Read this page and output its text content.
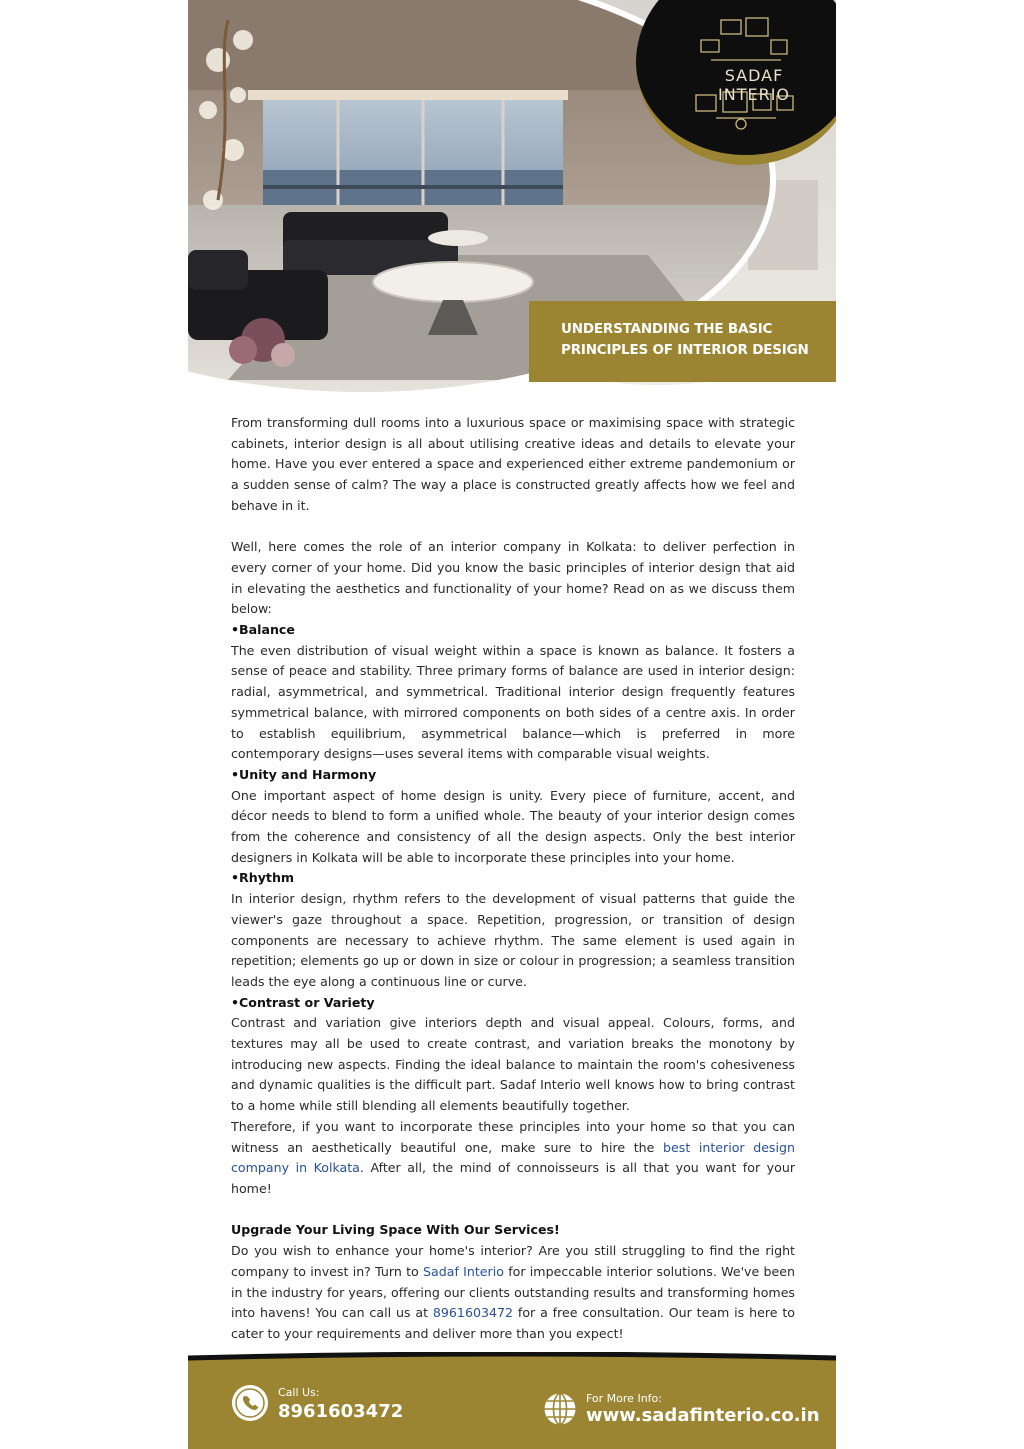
SADAF INTERIO
UNDERSTANDING THE BASIC
PRINCIPLES OF INTERIOR DESIGN

From transforming dull rooms into a luxurious space or maximising space with strategic cabinets, interior design is all about utilising creative ideas and details to elevate your home. Have you ever entered a space and experienced either extreme pandemonium or a sudden sense of calm? The way a place is constructed greatly affects how we feel and behave in it.

Well, here comes the role of an interior company in Kolkata: to deliver perfection in every corner of your home. Did you know the basic principles of interior design that aid in elevating the aesthetics and functionality of your home? Read on as we discuss them below:

•Balance

The even distribution of visual weight within a space is known as balance. It fosters a sense of peace and stability. Three primary forms of balance are used in interior design: radial, asymmetrical, and symmetrical. Traditional interior design frequently features symmetrical balance, with mirrored components on both sides of a centre axis. In order to establish equilibrium, asymmetrical balance—which is preferred in more contemporary designs—uses several items with comparable visual weights.

•Unity and Harmony

One important aspect of home design is unity. Every piece of furniture, accent, and décor needs to blend to form a unified whole. The beauty of your interior design comes from the coherence and consistency of all the design aspects. Only the best interior designers in Kolkata will be able to incorporate these principles into your home.

•Rhythm

In interior design, rhythm refers to the development of visual patterns that guide the viewer's gaze throughout a space. Repetition, progression, or transition of design components are necessary to achieve rhythm. The same element is used again in repetition; elements go up or down in size or colour in progression; a seamless transition leads the eye along a continuous line or curve.

•Contrast or Variety

Contrast and variation give interiors depth and visual appeal. Colours, forms, and textures may all be used to create contrast, and variation breaks the monotony by introducing new aspects. Finding the ideal balance to maintain the room's cohesiveness and dynamic qualities is the difficult part. Sadaf Interio well knows how to bring contrast to a home while still blending all elements beautifully together.

Therefore, if you want to incorporate these principles into your home so that you can witness an aesthetically beautiful one, make sure to hire the best interior design company in Kolkata. After all, the mind of connoisseurs is all that you want for your home!

Upgrade Your Living Space With Our Services!

Do you wish to enhance your home's interior? Are you still struggling to find the right company to invest in? Turn to Sadaf Interio for impeccable interior solutions. We've been in the industry for years, offering our clients outstanding results and transforming homes into havens! You can call us at 8961603472 for a free consultation. Our team is here to cater to your requirements and deliver more than you expect!

Call Us:
8961603472
For More Info:
www.sadafinterio.co.in
